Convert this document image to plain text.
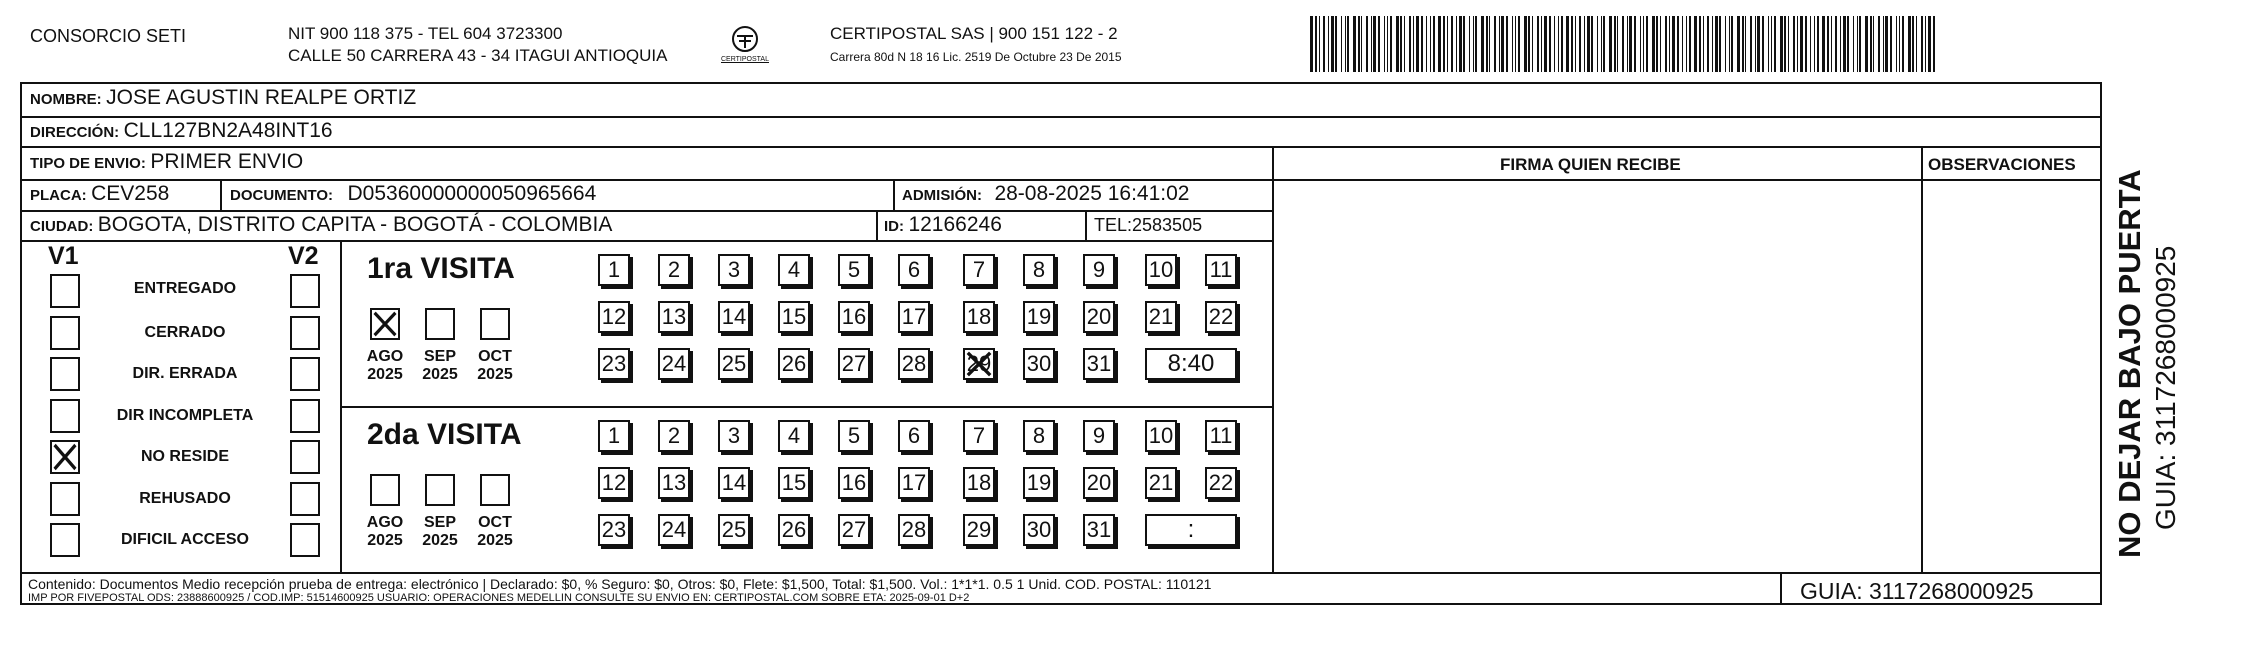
CONSORCIO SETI	NIT 900 118 375 - TEL 604 3723300
CALLE 50 CARRERA 43 - 34 ITAGUI ANTIOQUIA	CERTIPOSTAL
CERTIPOSTAL SAS | 900 151 122 - 2
Carrera 80d N 18 16 Lic. 2519 De Octubre 23 De 2015
NOMBRE: JOSE AGUSTIN REALPE ORTIZ
DIRECCIÓN: CLL127BN2A48INT16
TIPO DE ENVIO: PRIMER ENVIO	FIRMA QUIEN RECIBE	OBSERVACIONES
PLACA: CEV258	DOCUMENTO: D05360000000050965664	ADMISIÓN: 28-08-2025 16:41:02
CIUDAD: BOGOTA, DISTRITO CAPITA - BOGOTÁ - COLOMBIA	ID: 12166246	TEL:2583505
V1	V2 1ra VISITA
2da VISITA
Contenido: Documentos Medio recepción prueba de entrega: electrónico | Declarado: $0, % Seguro: $0, Otros: $0, Flete: $1,500, Total: $1,500. Vol.: 1*1*1. 0.5 1 Unid. COD. POSTAL: 110121
IMP POR FIVEPOSTAL ODS: 23888600925 / COD.IMP: 51514600925 USUARIO: OPERACIONES MEDELLIN CONSULTE SU ENVIO EN: CERTIPOSTAL.COM SOBRE ETA: 2025-09-01 D+2	GUIA: 3117268000925
NO DEJAR BAJO PUERTA GUIA: 3117268000925
ENTREGADO
CERRADO
DIR. ERRADA
DIR INCOMPLETA
NO RESIDE
REHUSADO
DIFICIL ACCESO
AGO
2025
SEP
2025
OCT
2025
AGO
2025
SEP
2025
OCT
2025
1	2	3	4	5	6	7	8	9	10 11
12 13 14 15 16 17 18 19 20 21 22
23 24 25 26 27 28 29 30 31	8:40
1	2	3	4	5	6	7	8	9	10 11
12 13 14 15 16 17 18 19 20 21 22
23 24 25 26 27 28 29 30 31	:
